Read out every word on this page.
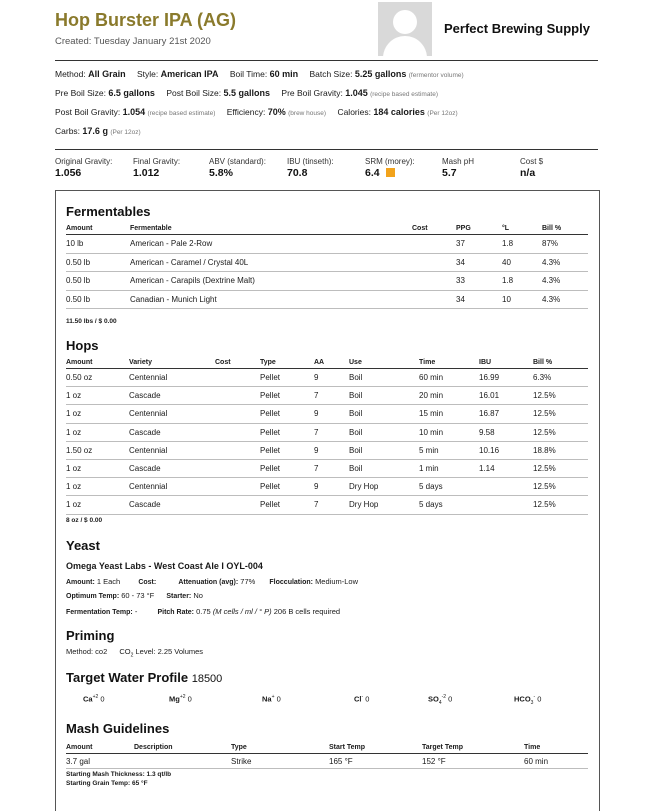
Hop Burster IPA (AG)
Created: Tuesday January 21st 2020
Perfect Brewing Supply
Method: All Grain Style: American IPA Boil Time: 60 min Batch Size: 5.25 gallons (fermentor volume)
Pre Boil Size: 6.5 gallons Post Boil Size: 5.5 gallons Pre Boil Gravity: 1.045 (recipe based estimate)
Post Boil Gravity: 1.054 (recipe based estimate) Efficiency: 70% (brew house) Calories: 184 calories (Per 12oz)
Carbs: 17.6 g (Per 12oz)
Original Gravity:
1.056
Final Gravity:
1.012
ABV (standard):
5.8%
IBU (tinseth):
70.8
SRM (morey):
6.4
Mash pH
5.7
Cost $
n/a
Fermentables
Amount	Fermentable	Cost	PPG	°L	Bill %
10 lb	American - Pale 2-Row		37	1.8	87%
0.50 lb	American - Caramel / Crystal 40L		34	40	4.3%
0.50 lb	American - Carapils (Dextrine Malt)		33	1.8	4.3%
0.50 lb	Canadian - Munich Light		34	10	4.3%
11.50 lbs / $ 0.00
Hops
Amount	Variety	Cost	Type	AA	Use	Time	IBU	Bill %
0.50 oz	Centennial		Pellet	9	Boil	60 min	16.99	6.3%
1 oz	Cascade		Pellet	7	Boil	20 min	16.01	12.5%
1 oz	Centennial		Pellet	9	Boil	15 min	16.87	12.5%
1 oz	Cascade		Pellet	7	Boil	10 min	9.58	12.5%
1.50 oz	Centennial		Pellet	9	Boil	5 min	10.16	18.8%
1 oz	Cascade		Pellet	7	Boil	1 min	1.14	12.5%
1 oz	Centennial		Pellet	9	Dry Hop	5 days		12.5%
1 oz	Cascade		Pellet	7	Dry Hop	5 days		12.5%
8 oz / $ 0.00
Yeast
Omega Yeast Labs - West Coast Ale I OYL-004
Amount: 1 Each	Cost:	Attenuation (avg): 77% Flocculation: Medium-Low
Optimum Temp: 60 - 73 °F Starter: No
Fermentation Temp: -	Pitch Rate: 0.75 (M cells / ml / ° P) 206 B cells required
Priming
Method: co2 $CO_2$ Level: 2.25 Volumes
Target Water Profile 18500
$Ca^{+2}$ 0	$Mg^{+2}$ 0	Na+ 0	Cl- 0	$SO_4^{-2}$ 0	$HCO_3^-$ 0
Mash Guidelines
Amount	Description	Type	Start Temp	Target Temp	Time
3.7 gal		Strike	165 °F	152 °F	60 min
Starting Mash Thickness: 1.3 qt/lb
Starting Grain Temp: 65 °F
